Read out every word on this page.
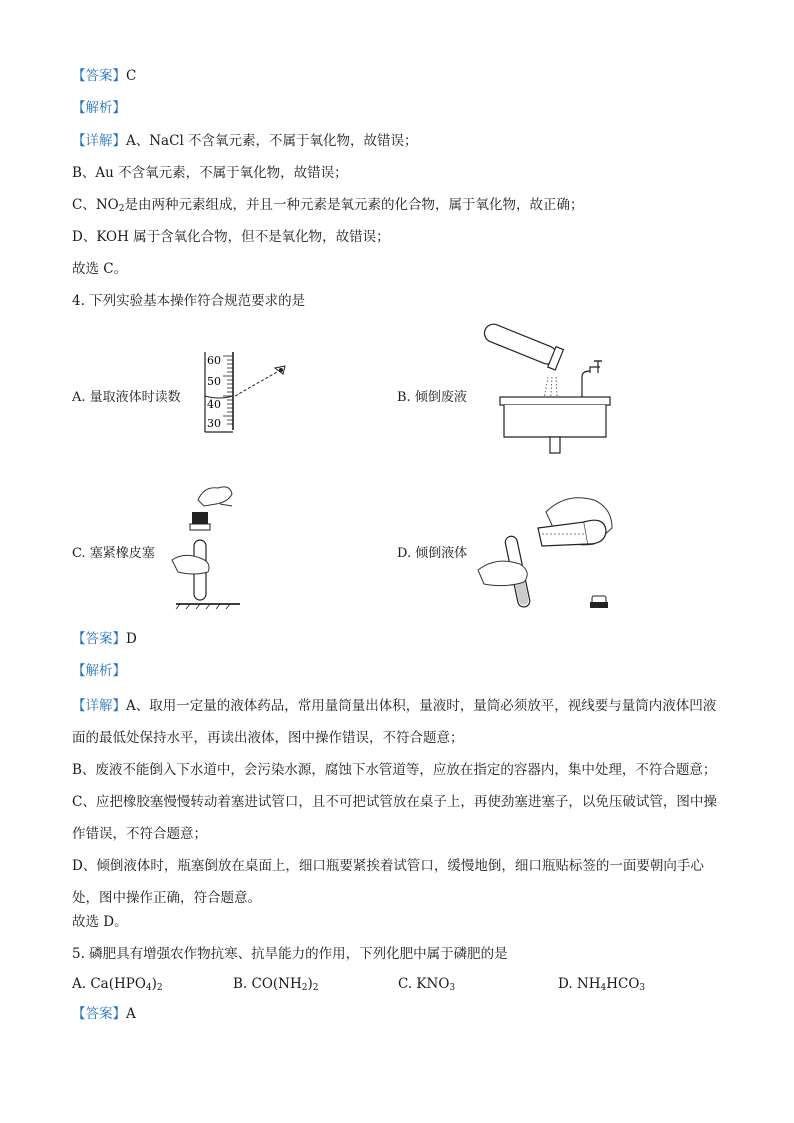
【答案】C
【解析】
【详解】A、NaCl 不含氧元素，不属于氧化物，故错误；
B、Au 不含氧元素，不属于氧化物，故错误；
C、$NO_2$是由两种元素组成，并且一种元素是氧元素的化合物，属于氧化物，故正确；
D、KOH 属于含氧化合物，但不是氧化物，故错误；
故选 C。
4. 下列实验基本操作符合规范要求的是
A. 量取液体时读数
60
50
40
30
B. 倾倒废液
C. 塞紧橡皮塞	D. 倾倒液体
【答案】D
【解析】
【详解】A、取用一定量的液体药品，常用量筒量出体积，量液时，量筒必须放平，视线要与量筒内液体凹液面的最低处保持水平，再读出液体，图中操作错误，不符合题意；
B、废液不能倒入下水道中，会污染水源，腐蚀下水管道等，应放在指定的容器内，集中处理，不符合题意；
C、应把橡胶塞慢慢转动着塞进试管口，且不可把试管放在桌子上，再使劲塞进塞子，以免压破试管，图中操作错误，不符合题意；
D、倾倒液体时，瓶塞倒放在桌面上，细口瓶要紧挨着试管口，缓慢地倒，细口瓶贴标签的一面要朝向手心处，图中操作正确，符合题意。
故选 D。
5. 磷肥具有增强农作物抗寒、抗旱能力的作用，下列化肥中属于磷肥的是
A. $Ca(HPO_4)_2$	B. $CO(NH_2)_2$	C. $KNO_3$	D. $NH_4HCO_3$
【答案】A
